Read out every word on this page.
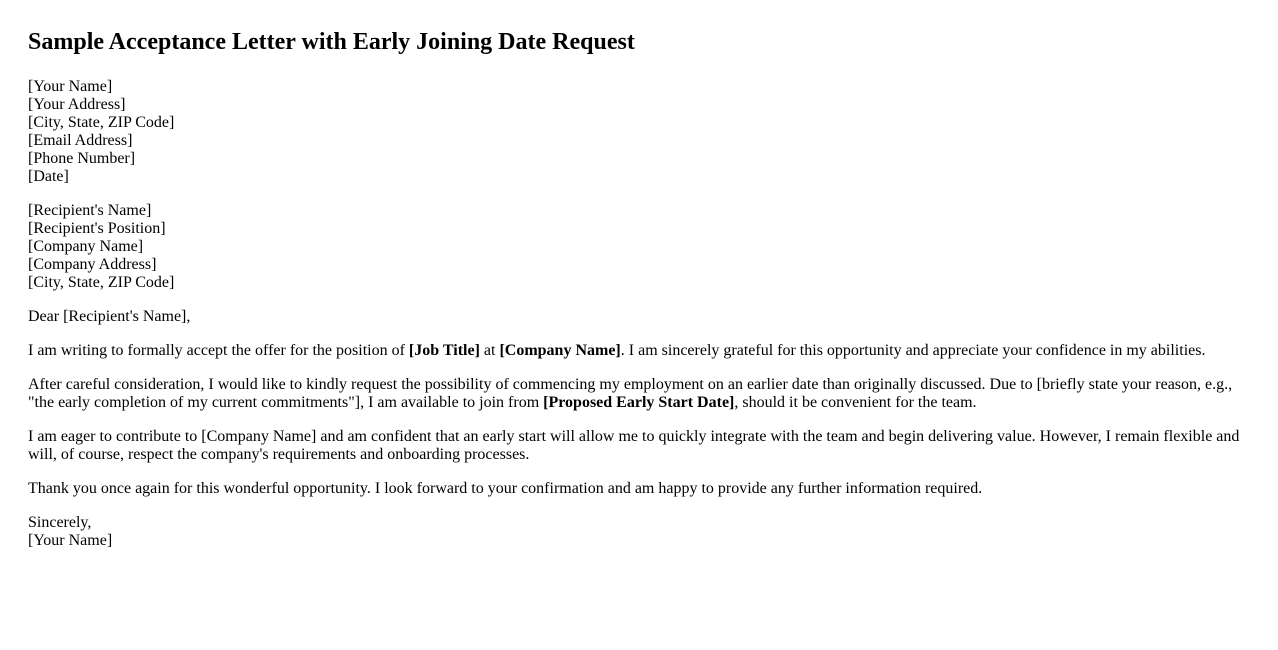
Sample Acceptance Letter with Early Joining Date Request
[Your Name]
[Your Address]
[City, State, ZIP Code]
[Email Address]
[Phone Number]
[Date]
[Recipient's Name]
[Recipient's Position]
[Company Name]
[Company Address]
[City, State, ZIP Code]

Dear [Recipient's Name],

I am writing to formally accept the offer for the position of [Job Title] at [Company Name]. I am sincerely grateful for this opportunity and appreciate your confidence in my abilities.

After careful consideration, I would like to kindly request the possibility of commencing my employment on an earlier date than originally discussed. Due to [briefly state your reason, e.g., "the early completion of my current commitments"], I am available to join from [Proposed Early Start Date], should it be convenient for the team.

I am eager to contribute to [Company Name] and am confident that an early start will allow me to quickly integrate with the team and begin delivering value. However, I remain flexible and will, of course, respect the company's requirements and onboarding processes.

Thank you once again for this wonderful opportunity. I look forward to your confirmation and am happy to provide any further information required.

Sincerely,
[Your Name]
